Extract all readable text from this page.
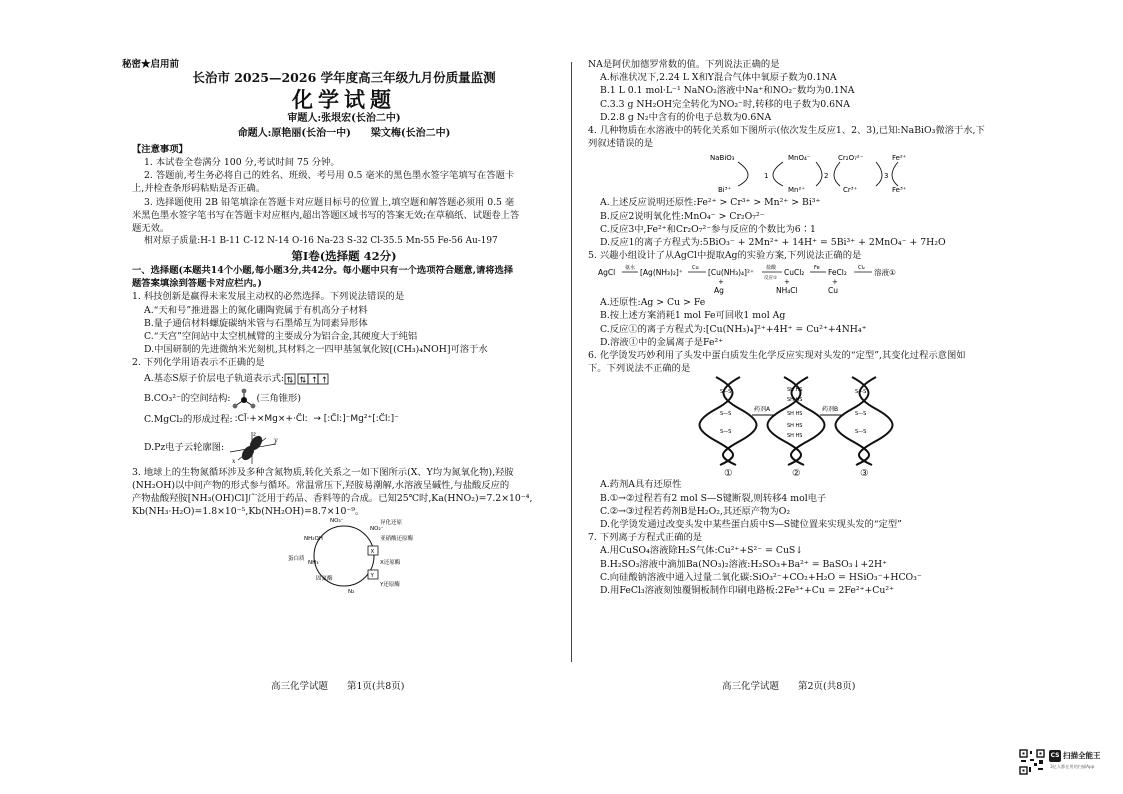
秘密★启用前
长治市 2025—2026 学年度高三年级九月份质量监测
化学试题
审题人:张垠宏(长治二中)
命题人:原艳丽(长治一中)　　梁文梅(长治二中)
【注意事项】
1. 本试卷全卷满分 100 分,考试时间 75 分钟。
2. 答题前,考生务必将自己的姓名、班级、考号用 0.5 毫米的黑色墨水签字笔填写在答题卡
上,并检查条形码粘贴是否正确。
3. 选择题使用 2B 铅笔填涂在答题卡对应题目标号的位置上,填空题和解答题必须用 0.5 毫
米黑色墨水签字笔书写在答题卡对应框内,超出答题区域书写的答案无效;在草稿纸、试题卷上答
题无效。
相对原子质量:H-1 B-11 C-12 N-14 O-16 Na-23 S-32 Cl-35.5 Mn-55 Fe-56 Au-197
第Ⅰ卷(选择题 42分)
一、选择题(本题共14个小题,每小题3分,共42分。每小题中只有一个选项符合题意,请将选择
题答案填涂到答题卡对应栏内。)
1. 科技创新是赢得未来发展主动权的必然选择。下列说法错误的是
A.“天和号”推进器上的氮化硼陶瓷属于有机高分子材料
B.量子通信材料螺旋碳纳米管与石墨烯互为同素异形体
C.“天宫”空间站中太空机械臂的主要成分为铝合金,其硬度大于纯铝
D.中国研制的先进微纳米光刻机,其材料之一四甲基氢氧化铵[(CH₃)₄NOH]可溶于水
2. 下列化学用语表示不正确的是
A.基态S原子价层电子轨道表示式: ⇅ ⇅ ↑ ↑
B.CO₃²⁻的空间结构:	(三角锥形)
C.MgCl₂的形成过程: :Cl̈·+×Mg×+·C̈l:  → [:C̈l:]⁻Mg²⁺[:C̈l:]⁻
D.Pz电子云轮廓图:
y
z
x
3. 地球上的生物氮循环涉及多种含氮物质,转化关系之一如下图所示(X、Y均为氮氧化物),羟胺
(NH₂OH)以中间产物的形式参与循环。常温常压下,羟胺易潮解,水溶液呈碱性,与盐酸反应的
产物盐酸羟胺[NH₃(OH)Cl]广泛用于药品、香料等的合成。已知25℃时,Ka(HNO₂)=7.2×10⁻⁴,
Kb(NH₃·H₂O)=1.8×10⁻⁵,Kb(NH₂OH)=8.7×10⁻⁹。
NO₃⁻
NO₂⁻
NH₂OH
X
Y
NH₃
N₂
蛋白质
固氮酶
异化还原
亚硝酸还原酶
X还原酶
Y还原酶
NA是阿伏加德罗常数的值。下列说法正确的是
A.标准状况下,2.24 L X和Y混合气体中氧原子数为0.1NA
B.1 L 0.1 mol·L⁻¹ NaNO₂溶液中Na⁺和NO₂⁻数均为0.1NA
C.3.3 g NH₂OH完全转化为NO₂⁻时,转移的电子数为0.6NA
D.2.8 g N₂中含有的价电子总数为0.6NA
4. 几种物质在水溶液中的转化关系如下图所示(依次发生反应1、2、3),已知:NaBiO₃微溶于水,下
列叙述错误的是
NaBiO₃	MnO₄⁻	Cr₂O₇²⁻	Fe²⁺
Bi³⁺	Mn²⁺	Cr³⁺	Fe³⁺
1	2	3
A.上述反应说明还原性:Fe²⁺ > Cr³⁺ > Mn²⁺ > Bi³⁺
B.反应2说明氧化性:MnO₄⁻ > Cr₂O₇²⁻
C.反应3中,Fe²⁺和Cr₂O₇²⁻参与反应的个数比为6∶1
D.反应1的离子方程式为:5BiO₃⁻ + 2Mn²⁺ + 14H⁺ = 5Bi³⁺ + 2MnO₄⁻ + 7H₂O
5. 兴趣小组设计了从AgCl中提取Ag的实验方案,下列说法正确的是
AgCl 氨水 [Ag(NH₃)₂]⁺ Cu [Cu(NH₃)₄]²⁺ 盐酸
反应①
CuCl₂ Fe FeCl₂ Cl₂ 溶液①
+	+	+
Ag	NH₄Cl	Cu
A.还原性:Ag > Cu > Fe
B.按上述方案消耗1 mol Fe可回收1 mol Ag
C.反应①的离子方程式为:[Cu(NH₃)₄]²⁺+4H⁺ = Cu²⁺+4NH₄⁺
D.溶液①中的金属离子是Fe²⁺
6. 化学烫发巧妙利用了头发中蛋白质发生化学反应实现对头发的“定型”,其变化过程示意图如
下。下列说法不正确的是
S—S
S—S
S—S
药剂A
SH HS
SH HS
SH HS
SH HS
SH HS
药剂B
S—S
S—S
S—S
①	②	③
A.药剂A具有还原性
B.①→②过程若有2 mol S—S键断裂,则转移4 mol电子
C.②→③过程若药剂B是H₂O₂,其还原产物为O₂
D.化学烫发通过改变头发中某些蛋白质中S—S键位置来实现头发的“定型”
7. 下列离子方程式正确的是
A.用CuSO₄溶液除H₂S气体:Cu²⁺+S²⁻ = CuS↓
B.H₂SO₃溶液中滴加Ba(NO₃)₂溶液:H₂SO₃+Ba²⁺ = BaSO₃↓+2H⁺
C.向硅酸钠溶液中通入过量二氧化碳:SiO₃²⁻+CO₂+H₂O = HSiO₃⁻+HCO₃⁻
D.用FeCl₃溶液刻蚀覆铜板制作印刷电路板:2Fe³⁺+Cu = 2Fe²⁺+Cu²⁺
高三化学试题　　第1页(共8页)	高三化学试题　　第2页(共8页)
CS 扫描全能王
3亿人都在用的扫描App
